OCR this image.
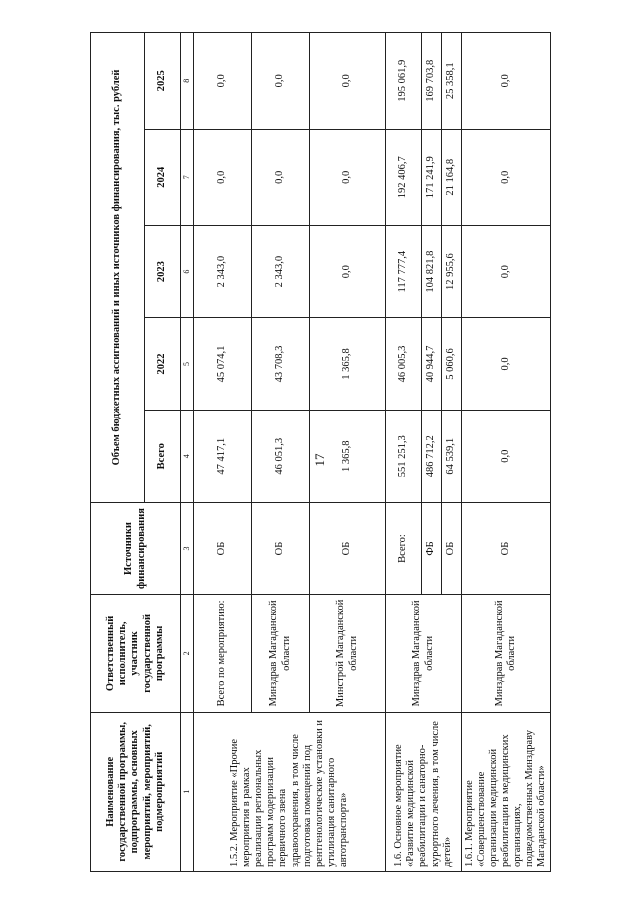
17
Наименование государственной программы, подпрограммы, основных мероприятий, мероприятий, подмероприятий	Ответственный исполнитель, участник государственной программы	Источники финансирования	Объем бюджетных ассигнований и иных источников финансирования, тыс. рублей				
			Всего	2022	2023	2024	2025
1	2	3	4	5	6	7	8
1.5.2. Мероприятие «Прочие мероприятия в рамках реализации региональных программ модернизации первичного звена здравоохранения, в том числе подготовка помещений под рентгенологические установки и утилизация санитарного автотранспорта»	Всего по мероприятию:	ОБ	47 417,1	45 074,1	2 343,0	0,0	0,0
	Минздрав Магаданской области	ОБ	46 051,3	43 708,3	2 343,0	0,0	0,0
	Минстрой Магаданской области	ОБ	1 365,8	1 365,8	0,0	0,0	0,0
1.6. Основное мероприятие «Развитие медицинской реабилитации и санаторно-курортного лечения, в том числе детей»	Минздрав Магаданской области	Всего:	551 251,3	46 005,3	117 777,4	192 406,7	195 061,9
		ФБ	486 712,2	40 944,7	104 821,8	171 241,9	169 703,8
		ОБ	64 539,1	5 060,6	12 955,6	21 164,8	25 358,1
1.6.1. Мероприятие «Совершенствование организации медицинской реабилитации в медицинских организациях, подведомственных Минздраву Магаданской области»	Минздрав Магаданской области	ОБ	0,0	0,0	0,0	0,0	0,0
